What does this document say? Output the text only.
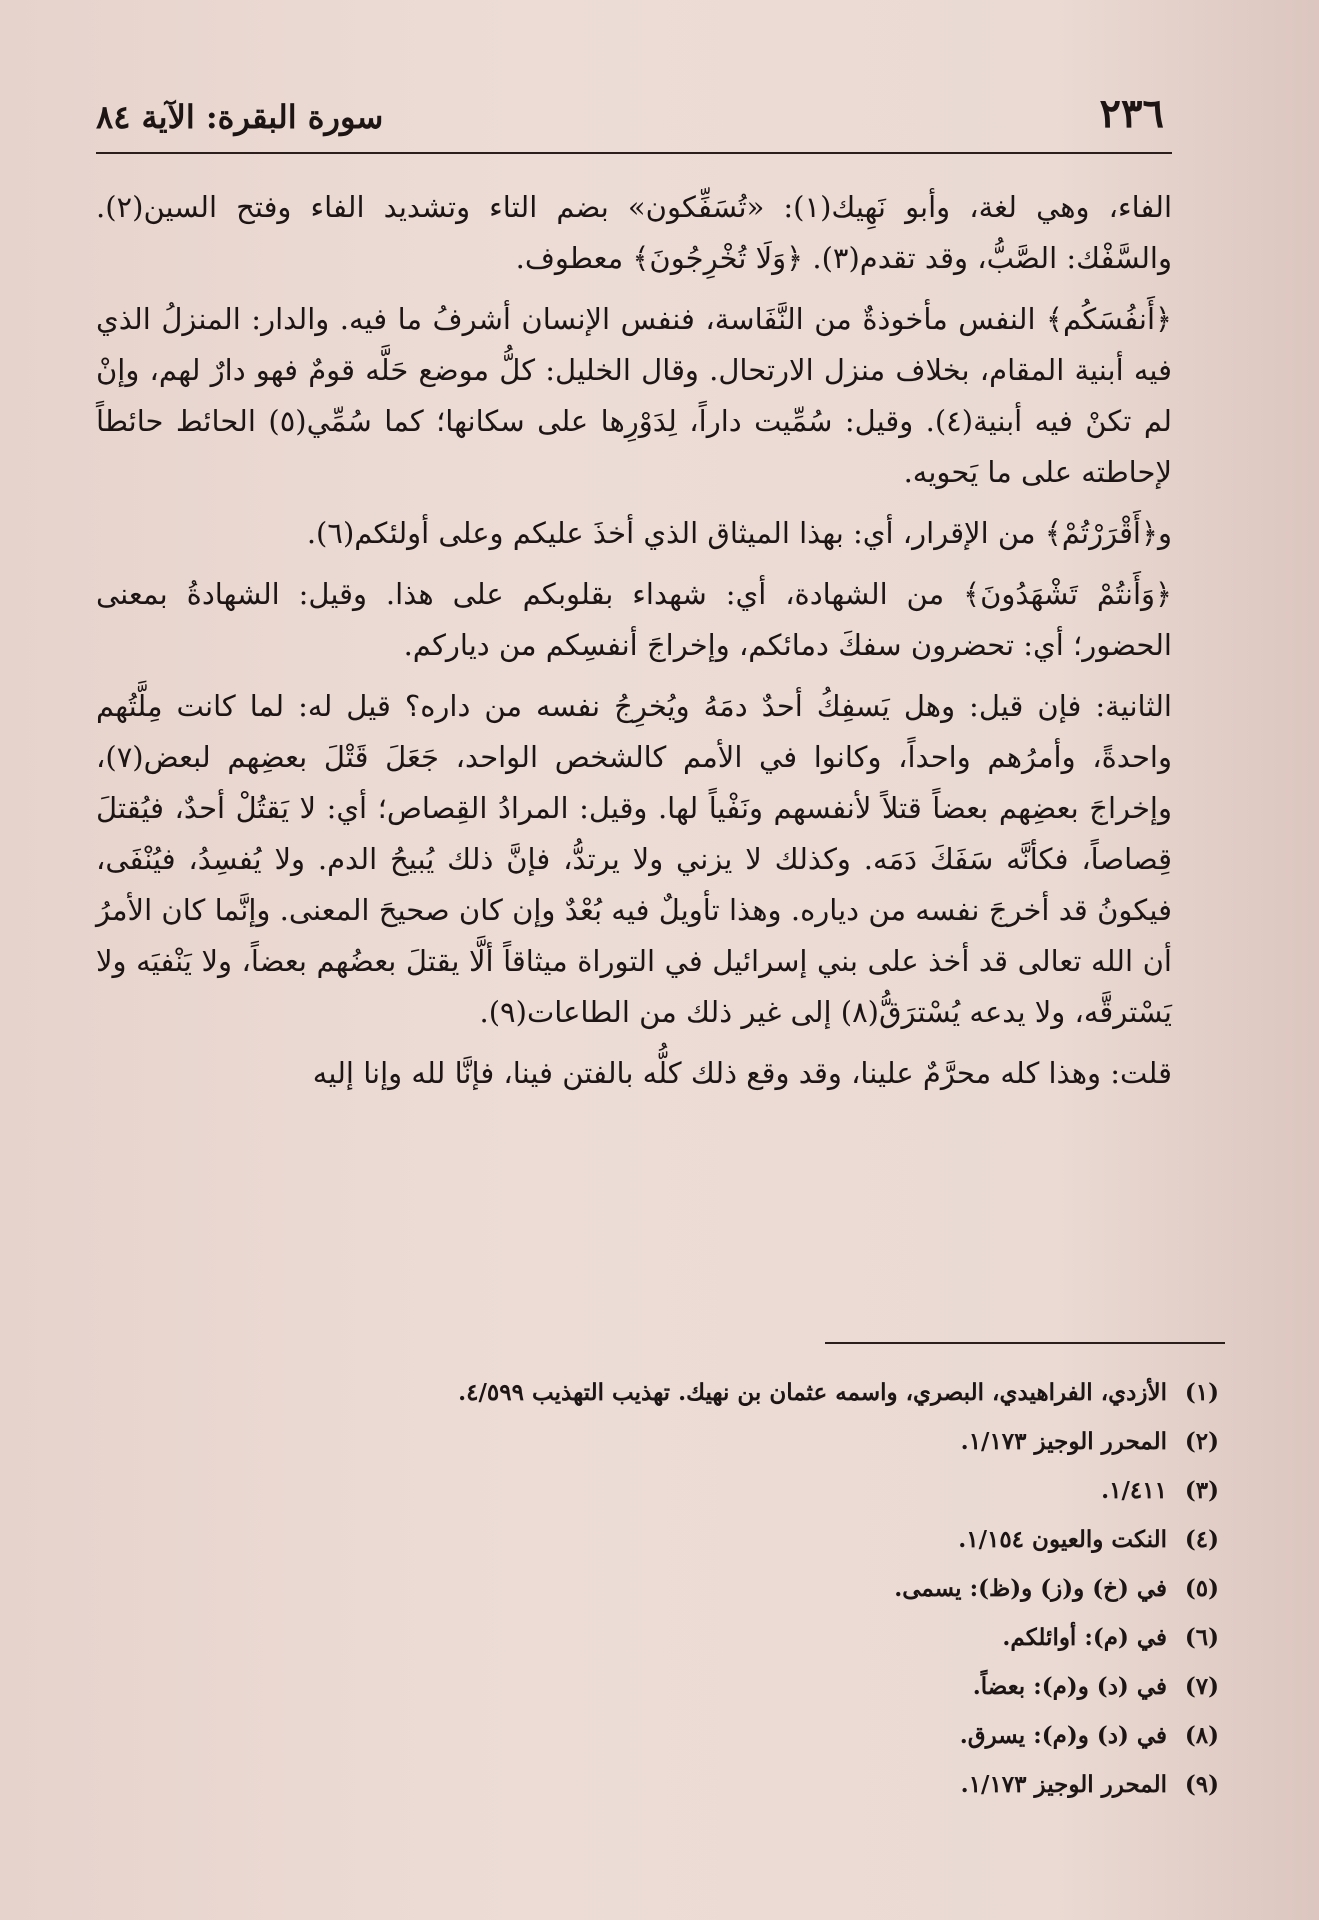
٢٣٦
سورة البقرة: الآية ٨٤

الفاء، وهي لغة، وأبو نَهِيك(١): «تُسَفِّكون» بضم التاء وتشديد الفاء وفتح السين(٢). والسَّفْك: الصَّبُّ، وقد تقدم(٣). ﴿وَلَا تُخْرِجُونَ﴾ معطوف.

﴿أَنفُسَكُم﴾ النفس مأخوذةٌ من النَّفَاسة، فنفس الإنسان أشرفُ ما فيه. والدار: المنزلُ الذي فيه أبنية المقام، بخلاف منزل الارتحال. وقال الخليل: كلُّ موضع حَلَّه قومٌ فهو دارٌ لهم، وإنْ لم تكنْ فيه أبنية(٤). وقيل: سُمِّيت داراً، لِدَوْرِها على سكانها؛ كما سُمِّي(٥) الحائط حائطاً لإحاطته على ما يَحويه.

و﴿أَقْرَرْتُمْ﴾ من الإقرار، أي: بهذا الميثاق الذي أخذَ عليكم وعلى أولئكم(٦).

﴿وَأَنتُمْ تَشْهَدُونَ﴾ من الشهادة، أي: شهداء بقلوبكم على هذا. وقيل: الشهادةُ بمعنى الحضور؛ أي: تحضرون سفكَ دمائكم، وإخراجَ أنفسِكم من دياركم.

الثانية: فإن قيل: وهل يَسفِكُ أحدٌ دمَهُ ويُخرِجُ نفسه من داره؟ قيل له: لما كانت مِلَّتُهم واحدةً، وأمرُهم واحداً، وكانوا في الأمم كالشخص الواحد، جَعَلَ قَتْلَ بعضِهم لبعض(٧)، وإخراجَ بعضِهم بعضاً قتلاً لأنفسهم ونَفْياً لها. وقيل: المرادُ القِصاص؛ أي: لا يَقتُلْ أحدٌ، فيُقتلَ قِصاصاً، فكأنَّه سَفَكَ دَمَه. وكذلك لا يزني ولا يرتدُّ، فإنَّ ذلك يُبيحُ الدم. ولا يُفسِدُ، فيُنْفَى، فيكونُ قد أخرجَ نفسه من دياره. وهذا تأويلٌ فيه بُعْدٌ وإن كان صحيحَ المعنى. وإنَّما كان الأمرُ أن الله تعالى قد أخذ على بني إسرائيل في التوراة ميثاقاً ألَّا يقتلَ بعضُهم بعضاً، ولا يَنْفيَه ولا يَسْترقَّه، ولا يدعه يُسْترَقُّ(٨) إلى غير ذلك من الطاعات(٩).

قلت: وهذا كله محرَّمٌ علينا، وقد وقع ذلك كلُّه بالفتن فينا، فإنَّا لله وإنا إليه

(١)الأزدي، الفراهيدي، البصري، واسمه عثمان بن نهيك. تهذيب التهذيب ٤/٥٩٩.
(٢)المحرر الوجيز ١/١٧٣.
(٣)١/٤١١.
(٤)النكت والعيون ١/١٥٤.
(٥)في (خ) و(ز) و(ظ): يسمى.
(٦)في (م): أوائلكم.
(٧)في (د) و(م): بعضاً.
(٨)في (د) و(م): يسرق.
(٩)المحرر الوجيز ١/١٧٣.
